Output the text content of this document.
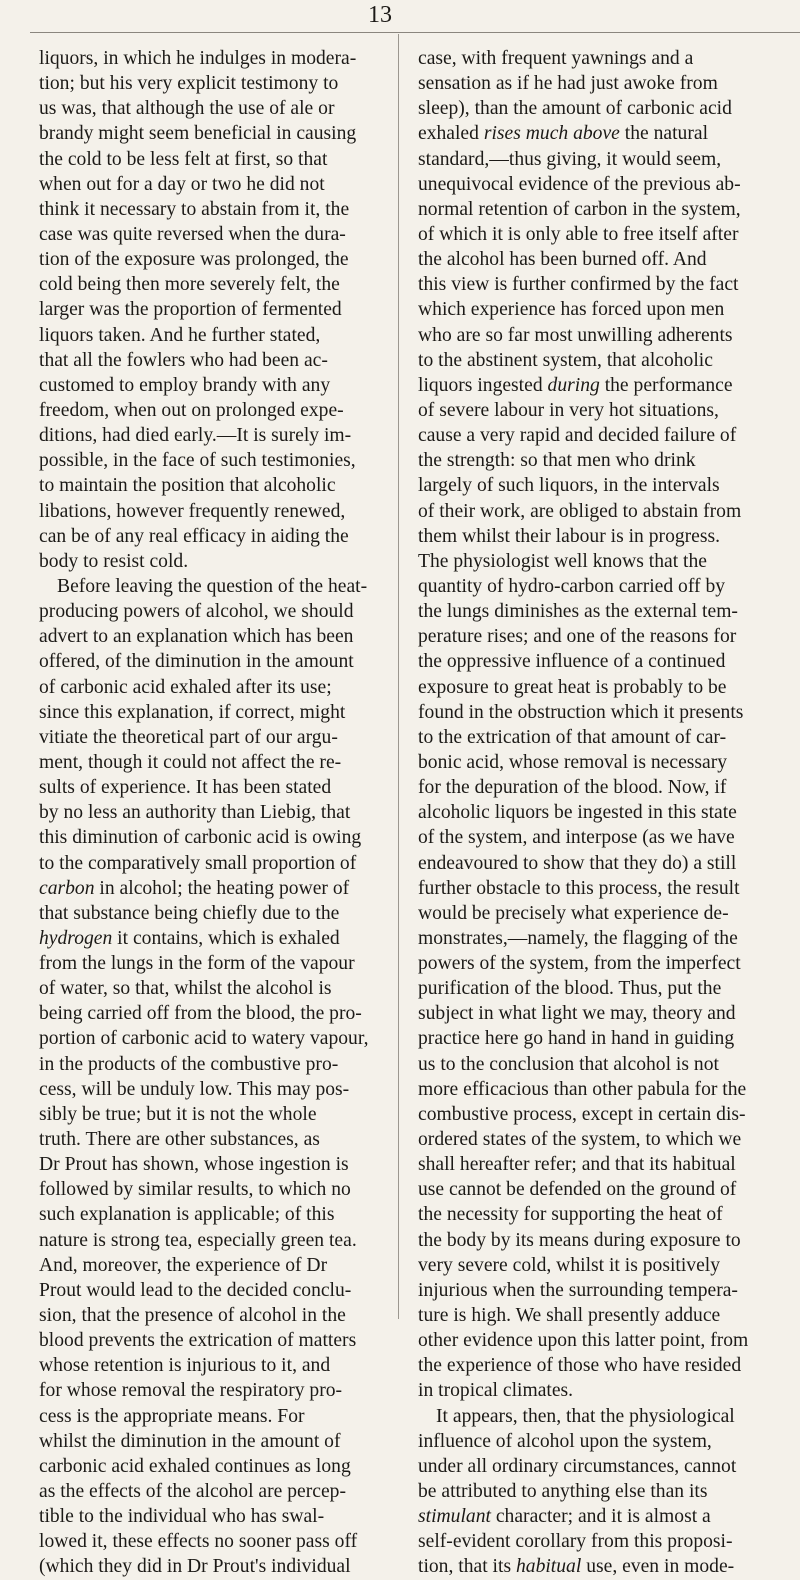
13
liquors, in which he indulges in modera-
tion; but his very explicit testimony to
us was, that although the use of ale or
brandy might seem beneficial in causing
the cold to be less felt at first, so that
when out for a day or two he did not
think it necessary to abstain from it, the
case was quite reversed when the dura-
tion of the exposure was prolonged, the
cold being then more severely felt, the
larger was the proportion of fermented
liquors taken. And he further stated,
that all the fowlers who had been ac-
customed to employ brandy with any
freedom, when out on prolonged expe-
ditions, had died early.—It is surely im-
possible, in the face of such testimonies,
to maintain the position that alcoholic
libations, however frequently renewed,
can be of any real efficacy in aiding the
body to resist cold.
Before leaving the question of the heat-
producing powers of alcohol, we should
advert to an explanation which has been
offered, of the diminution in the amount
of carbonic acid exhaled after its use;
since this explanation, if correct, might
vitiate the theoretical part of our argu-
ment, though it could not affect the re-
sults of experience. It has been stated
by no less an authority than Liebig, that
this diminution of carbonic acid is owing
to the comparatively small proportion of
carbon in alcohol; the heating power of
that substance being chiefly due to the
hydrogen it contains, which is exhaled
from the lungs in the form of the vapour
of water, so that, whilst the alcohol is
being carried off from the blood, the pro-
portion of carbonic acid to watery vapour,
in the products of the combustive pro-
cess, will be unduly low. This may pos-
sibly be true; but it is not the whole
truth. There are other substances, as
Dr Prout has shown, whose ingestion is
followed by similar results, to which no
such explanation is applicable; of this
nature is strong tea, especially green tea.
And, moreover, the experience of Dr
Prout would lead to the decided conclu-
sion, that the presence of alcohol in the
blood prevents the extrication of matters
whose retention is injurious to it, and
for whose removal the respiratory pro-
cess is the appropriate means. For
whilst the diminution in the amount of
carbonic acid exhaled continues as long
as the effects of the alcohol are percep-
tible to the individual who has swal-
lowed it, these effects no sooner pass off
(which they did in Dr Prout's individual
case, with frequent yawnings and a
sensation as if he had just awoke from
sleep), than the amount of carbonic acid
exhaled rises much above the natural
standard,—thus giving, it would seem,
unequivocal evidence of the previous ab-
normal retention of carbon in the system,
of which it is only able to free itself after
the alcohol has been burned off. And
this view is further confirmed by the fact
which experience has forced upon men
who are so far most unwilling adherents
to the abstinent system, that alcoholic
liquors ingested during the performance
of severe labour in very hot situations,
cause a very rapid and decided failure of
the strength: so that men who drink
largely of such liquors, in the intervals
of their work, are obliged to abstain from
them whilst their labour is in progress.
The physiologist well knows that the
quantity of hydro-carbon carried off by
the lungs diminishes as the external tem-
perature rises; and one of the reasons for
the oppressive influence of a continued
exposure to great heat is probably to be
found in the obstruction which it presents
to the extrication of that amount of car-
bonic acid, whose removal is necessary
for the depuration of the blood. Now, if
alcoholic liquors be ingested in this state
of the system, and interpose (as we have
endeavoured to show that they do) a still
further obstacle to this process, the result
would be precisely what experience de-
monstrates,—namely, the flagging of the
powers of the system, from the imperfect
purification of the blood. Thus, put the
subject in what light we may, theory and
practice here go hand in hand in guiding
us to the conclusion that alcohol is not
more efficacious than other pabula for the
combustive process, except in certain dis-
ordered states of the system, to which we
shall hereafter refer; and that its habitual
use cannot be defended on the ground of
the necessity for supporting the heat of
the body by its means during exposure to
very severe cold, whilst it is positively
injurious when the surrounding tempera-
ture is high. We shall presently adduce
other evidence upon this latter point, from
the experience of those who have resided
in tropical climates.
It appears, then, that the physiological
influence of alcohol upon the system,
under all ordinary circumstances, cannot
be attributed to anything else than its
stimulant character; and it is almost a
self-evident corollary from this proposi-
tion, that its habitual use, even in mode-
